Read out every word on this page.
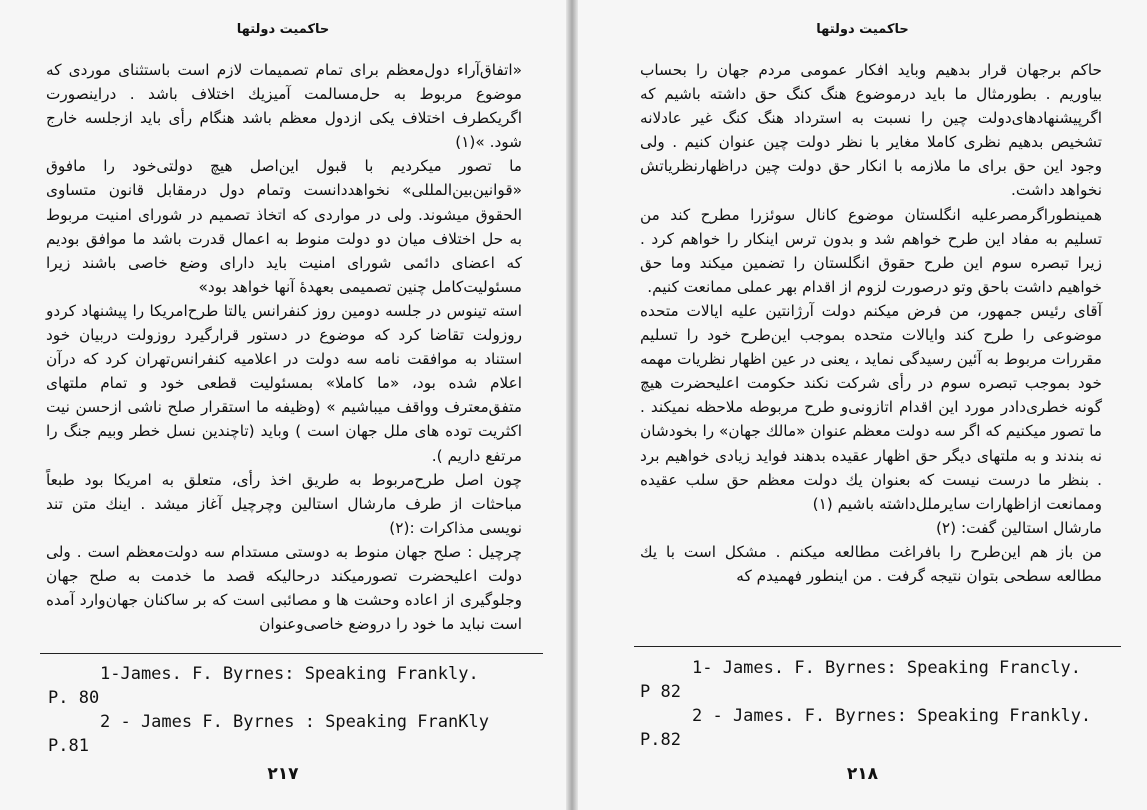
حاکمیت دولتها

«اتفاق‌آراء دول‌معظم برای تمام تصمیمات لازم است باستثنای موردی که موضوع مربوط به حل‌مسالمت آمیزیك اختلاف باشد . دراینصورت اگریکطرف اختلاف یکی ازدول معظم باشد هنگام رأی باید ازجلسه خارج شود. »(۱)

ما تصور میکردیم با قبول این‌اصل هیچ دولتی‌خود را مافوق «قوانین‌بین‌المللی» نخواهددانست وتمام دول درمقابل قانون متساوی الحقوق میشوند. ولی در مواردی که اتخاذ تصمیم در شورای امنیت مربوط به حل اختلاف میان دو دولت منوط به اعمال قدرت باشد ما موافق بودیم که اعضای دائمی شورای امنیت باید دارای وضع خاصی باشند زیرا مسئولیت‌کامل چنین تصمیمی بعهدهٔ آنها خواهد بود»

استه تینوس در جلسه دومین روز کنفرانس یالتا طرح‌امریکا را پیشنهاد کردو روزولت تقاضا کرد که موضوع در دستور قرارگیرد روزولت دربیان خود استناد به موافقت نامه سه دولت در اعلامیه کنفرانس‌تهران کرد که درآن اعلام شده بود، «ما کاملا» بمسئولیت قطعی خود و تمام ملتهای متفق‌معترف وواقف میباشیم » (وظیفه ما استقرار صلح ناشی ازحسن نیت اکثریت توده های ملل جهان است ) وباید (تاچندین نسل خطر وبیم جنگ را مرتفع داریم ).

چون اصل طرح‌مربوط به طریق اخذ رأی، متعلق به امریکا بود طبعاً مباحثات از طرف مارشال استالین وچرچیل آغاز میشد . اینك متن تند نویسی مذاکرات :(۲)

چرچیل : صلح جهان منوط به دوستی مستدام سه دولت‌معظم است . ولی دولت اعلیحضرت تصورمیکند درحالیکه قصد ما خدمت به صلح جهان وجلوگیری از اعاده وحشت ها و مصائبی است که بر ساکنان جهان‌وارد آمده است نباید ما خود را دروضع خاصی‌وعنوان

1-James. F. Byrnes: Speaking Frankly.
P. 80
2 - James F. Byrnes : Speaking FranKly
P.81
۲۱۷
حاکمیت دولتها

حاکم برجهان قرار بدهیم وباید افکار عمومی مردم جهان را بحساب بیاوریم . بطورمثال ما باید درموضوع هنگ کنگ حق داشته باشیم که اگرپیشنهادهای‌دولت چین را نسبت به استرداد هنگ کنگ غیر عادلانه تشخیص بدهیم نظری کاملا مغایر با نظر دولت چین عنوان کنیم . ولی وجود این حق برای ما ملازمه با انکار حق دولت چین دراظهارنظریاتش نخواهد داشت.

همینطوراگرمصرعلیه انگلستان موضوع کانال سوئزرا مطرح کند من تسلیم به مفاد این طرح خواهم شد و بدون ترس اینکار را خواهم کرد . زیرا تبصره سوم این طرح حقوق انگلستان را تضمین میکند وما حق خواهیم داشت باحق وتو درصورت لزوم از اقدام بهر عملی ممانعت کنیم.

آقای رئیس جمهور، من فرض میکنم دولت آرژانتین علیه ایالات متحده موضوعی را طرح کند وایالات متحده بموجب این‌طرح خود را تسلیم مقررات مربوط به آئین رسیدگی نماید ، یعنی در عین اظهار نظریات مهمه خود بموجب تبصره سوم در رأی شرکت نکند حکومت اعلیحضرت هیچ گونه خطری‌دادر مورد این اقدام اتازونی‌و طرح مربوطه ملاحظه نمیکند . ما تصور میکنیم که اگر سه دولت معظم عنوان «مالك جهان» را بخودشان نه بندند و به ملتهای دیگر حق اظهار عقیده بدهند فواید زیادی خواهیم برد . بنظر ما درست نیست که بعنوان یك دولت معظم حق سلب عقیده وممانعت ازاظهارات سایرملل‌داشته باشیم (۱)

مارشال استالین گفت: (۲)

من باز هم این‌طرح را بافراغت مطالعه میکنم . مشکل است با یك مطالعه سطحی بتوان نتیجه گرفت . من اینطور فهمیدم که

1- James. F. Byrnes: Speaking Francly.
P 82
2 - James. F. Byrnes: Speaking Frankly.
P.82
۲۱۸
